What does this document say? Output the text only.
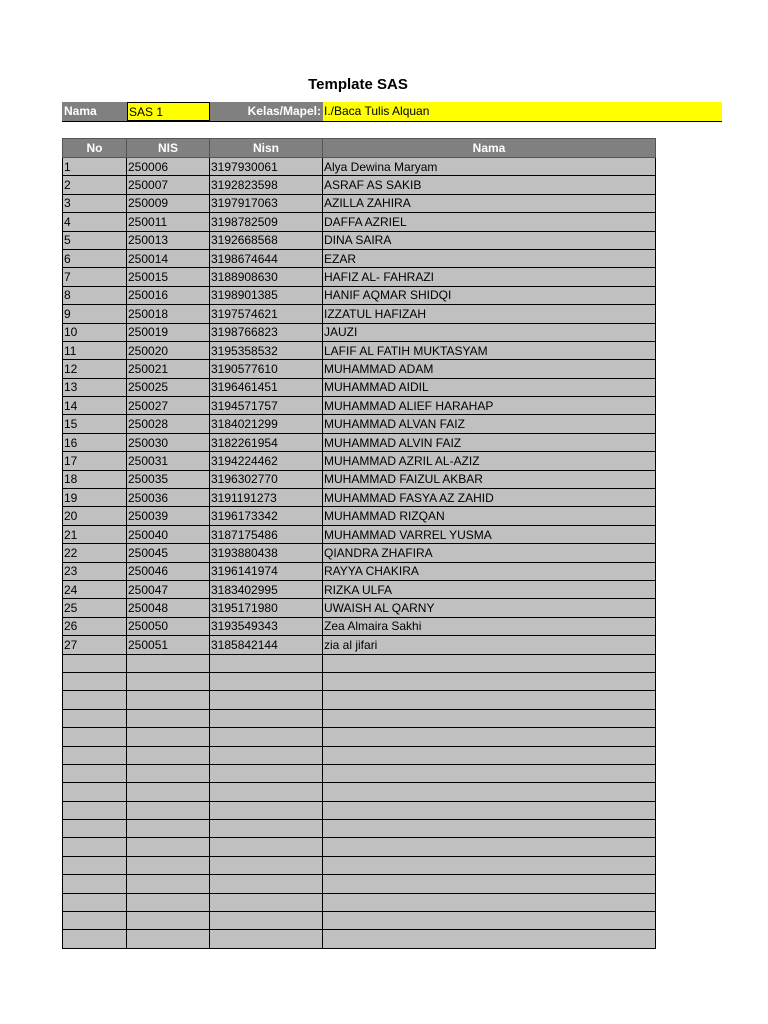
Template SAS
Nama	SAS 1	Kelas/Mapel: I./Baca Tulis Alquan
No	NIS	Nisn	Nama
1	250006	3197930061	Alya Dewina Maryam
2	250007	3192823598	ASRAF AS SAKIB
3	250009	3197917063	AZILLA ZAHIRA
4	250011	3198782509	DAFFA AZRIEL
5	250013	3192668568	DINA SAIRA
6	250014	3198674644	EZAR
7	250015	3188908630	HAFIZ AL- FAHRAZI
8	250016	3198901385	HANIF AQMAR SHIDQI
9	250018	3197574621	IZZATUL HAFIZAH
10	250019	3198766823	JAUZI
11	250020	3195358532	LAFIF AL FATIH MUKTASYAM
12	250021	3190577610	MUHAMMAD ADAM
13	250025	3196461451	MUHAMMAD AIDIL
14	250027	3194571757	MUHAMMAD ALIEF HARAHAP
15	250028	3184021299	MUHAMMAD ALVAN FAIZ
16	250030	3182261954	MUHAMMAD ALVIN FAIZ
17	250031	3194224462	MUHAMMAD AZRIL AL-AZIZ
18	250035	3196302770	MUHAMMAD FAIZUL AKBAR
19	250036	3191191273	MUHAMMAD FASYA AZ ZAHID
20	250039	3196173342	MUHAMMAD RIZQAN
21	250040	3187175486	MUHAMMAD VARREL YUSMA
22	250045	3193880438	QIANDRA ZHAFIRA
23	250046	3196141974	RAYYA CHAKIRA
24	250047	3183402995	RIZKA ULFA
25	250048	3195171980	UWAISH AL QARNY
26	250050	3193549343	Zea Almaira Sakhi
27	250051	3185842144	zia al jifari
